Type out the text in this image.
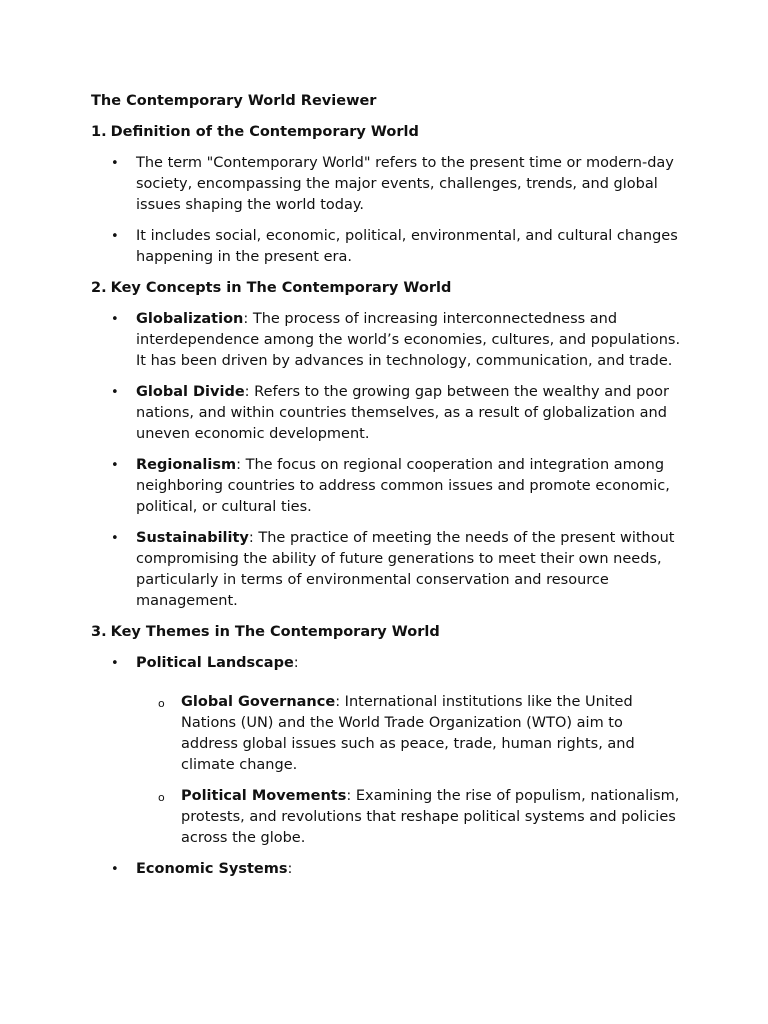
The Contemporary World Reviewer
1. Definition of the Contemporary World
• The term "Contemporary World" refers to the present time or modern-day society, encompassing the major events, challenges, trends, and global issues shaping the world today.
• It includes social, economic, political, environmental, and cultural changes happening in the present era.
2. Key Concepts in The Contemporary World
• Globalization: The process of increasing interconnectedness and interdependence among the world’s economies, cultures, and populations. It has been driven by advances in technology, communication, and trade.
• Global Divide: Refers to the growing gap between the wealthy and poor nations, and within countries themselves, as a result of globalization and uneven economic development.
• Regionalism: The focus on regional cooperation and integration among neighboring countries to address common issues and promote economic, political, or cultural ties.
• Sustainability: The practice of meeting the needs of the present without compromising the ability of future generations to meet their own needs, particularly in terms of environmental conservation and resource management.
3. Key Themes in The Contemporary World
• Political Landscape:
o Global Governance: International institutions like the United Nations (UN) and the World Trade Organization (WTO) aim to address global issues such as peace, trade, human rights, and climate change.
o Political Movements: Examining the rise of populism, nationalism, protests, and revolutions that reshape political systems and policies across the globe.
• Economic Systems:
